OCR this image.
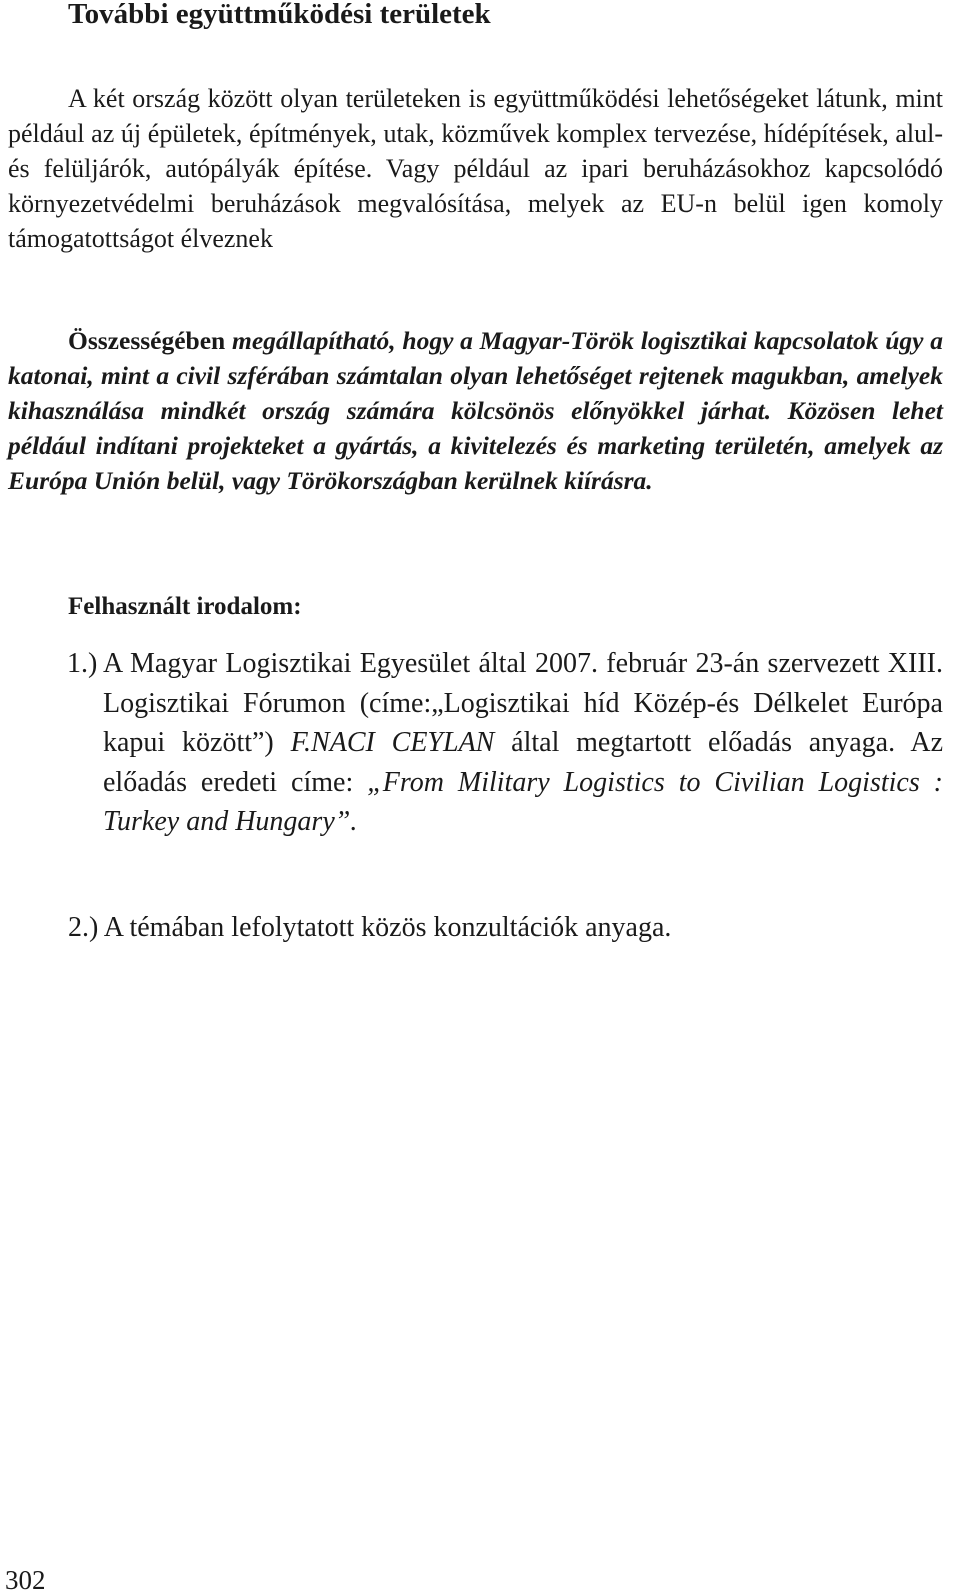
További együttműködési területek

A két ország között olyan területeken is együttműködési lehetőségeket látunk, mint például az új épületek, építmények, utak, közművek komplex tervezése, hídépítések, alul-és felüljárók, autópályák építése. Vagy például az ipari beruházásokhoz kapcsolódó környezetvédelmi beruházások megvalósítása, melyek az EU-n belül igen komoly támogatottságot élveznek

Összességében megállapítható, hogy a Magyar-Török logisztikai kapcsolatok úgy a katonai, mint a civil szférában számtalan olyan lehetőséget rejtenek magukban, amelyek kihasználása mindkét ország számára kölcsönös előnyökkel járhat. Közösen lehet például indítani projekteket a gyártás, a kivitelezés és marketing területén, amelyek az Európa Unión belül, vagy Törökországban kerülnek kiírásra.

Felhasznált irodalom:

1.) A Magyar Logisztikai Egyesület által 2007. február 23-án szervezett XIII. Logisztikai Fórumon (címe:„Logisztikai híd Közép-és Délkelet Európa kapui között”) F.NACI CEYLAN által megtartott előadás anyaga. Az előadás eredeti címe: „From Military Logistics to Civilian Logistics : Turkey and Hungary”.

2.) A témában lefolytatott közös konzultációk anyaga.

302
